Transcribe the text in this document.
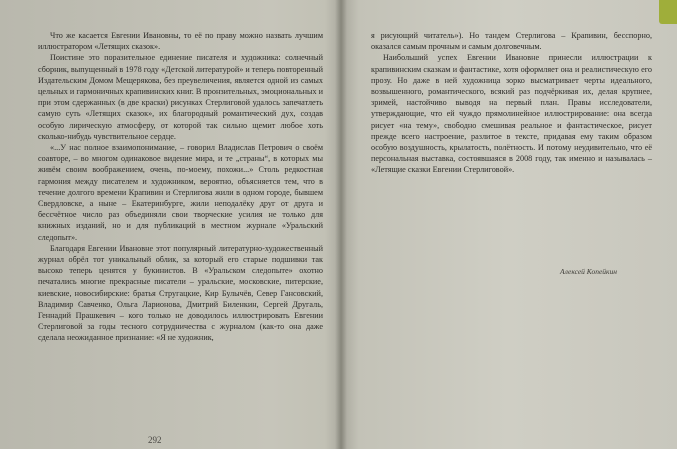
Что же касается Евгении Ивановны, то её по праву можно назвать лучшим иллюстратором «Летящих сказок».

Поистине это поразительное единение писателя и художника: солнечный сборник, выпущенный в 1978 году «Детской литературой» и теперь повторенный Издательским Домом Мещерякова, без преувеличения, является одной из самых цельных и гармоничных крапивинских книг. В пронзительных, эмоциональных и при этом сдержанных (в две краски) рисунках Стерлиговой удалось запечатлеть самую суть «Летящих сказок», их благородный романтический дух, создав особую лирическую атмосферу, от которой так сильно щемит любое хоть сколько-нибудь чувствительное сердце.

«...У нас полное взаимопонимание, – говорил Владислав Петрович о своём соавторе, – во многом одинаковое видение мира, и те „страны“, в которых мы живём своим воображением, очень, по-моему, похожи...» Столь редкостная гармония между писателем и художником, вероятно, объясняется тем, что в течение долгого времени Крапивин и Стерлигова жили в одном городе, бывшем Свердловске, а ныне – Екатеринбурге, жили неподалёку друг от друга и бессчётное число раз объединяли свои творческие усилия не только для книжных изданий, но и для публикаций в местном журнале «Уральский следопыт».

Благодаря Евгении Ивановне этот популярный литературно-художественный журнал обрёл тот уникальный облик, за который его старые подшивки так высоко теперь ценятся у букинистов. В «Уральском следопыте» охотно печатались многие прекрасные писатели – уральские, московские, питерские, киевские, новосибирские: братья Стругацкие, Кир Булычёв, Север Гансовский, Владимир Савченко, Ольга Ларионова, Дмитрий Биленкин, Сергей Другаль, Геннадий Прашкевич – кого только не доводилось иллюстрировать Евгении Стерлиговой за годы тесного сотрудничества с журналом (как-то она даже сделала неожиданное признание: «Я не художник,

292

я рисующий читатель»). Но тандем Стерлигова – Крапивин, бесспорно, оказался самым прочным и самым долговечным.

Наибольший успех Евгении Ивановне принесли иллюстрации к крапивинским сказкам и фантастике, хотя оформляет она и реалистическую его прозу. Но даже в ней художница зорко высматривает черты идеального, возвышенного, романтического, всякий раз подчёркивая их, делая крупнее, зримей, настойчиво выводя на первый план. Правы исследователи, утверждающие, что ей чуждо прямолинейное иллюстрирование: она всегда рисует «на тему», свободно смешивая реальное и фантастическое, рисует прежде всего настроение, разлитое в тексте, придавая ему таким образом особую воздушность, крылатость, полётность. И потому неудивительно, что её персональная выставка, состоявшаяся в 2008 году, так именно и называлась – «Летящие сказки Евгении Стерлиговой».

Алексей Копейкин
